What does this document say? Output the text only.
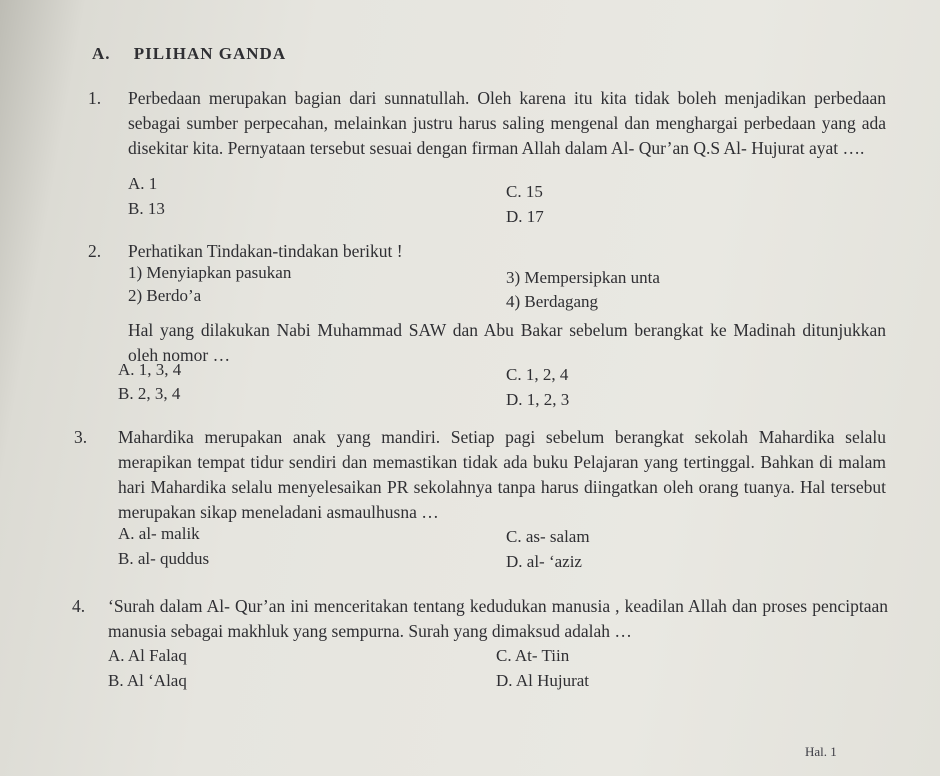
A. PILIHAN GANDA
1. Perbedaan merupakan bagian dari sunnatullah. Oleh karena itu kita tidak boleh menjadikan perbedaan sebagai sumber perpecahan, melainkan justru harus saling mengenal dan menghargai perbedaan yang ada disekitar kita. Pernyataan tersebut sesuai dengan firman Allah dalam Al- Qur’an Q.S Al- Hujurat ayat ….
A. 1
B. 13
C. 15
D. 17
2. Perhatikan Tindakan-tindakan berikut !
1) Menyiapkan pasukan
2) Berdo’a
3) Mempersipkan unta
4) Berdagang
Hal yang dilakukan Nabi Muhammad SAW dan Abu Bakar sebelum berangkat ke Madinah ditunjukkan oleh nomor …
A. 1, 3, 4
B. 2, 3, 4
C. 1, 2, 4
D. 1, 2, 3
3. Mahardika merupakan anak yang mandiri. Setiap pagi sebelum berangkat sekolah Mahardika selalu merapikan tempat tidur sendiri dan memastikan tidak ada buku Pelajaran yang tertinggal. Bahkan di malam hari Mahardika selalu menyelesaikan PR sekolahnya tanpa harus diingatkan oleh orang tuanya. Hal tersebut merupakan sikap meneladani asmaulhusna …
A. al- malik
B. al- quddus
C. as- salam
D. al- ‘aziz
4. ‘Surah dalam Al- Qur’an ini menceritakan tentang kedudukan manusia , keadilan Allah dan proses penciptaan manusia sebagai makhluk yang sempurna. Surah yang dimaksud adalah …
A. Al Falaq
B. Al ‘Alaq
C. At- Tiin
D. Al Hujurat
Hal. 1
